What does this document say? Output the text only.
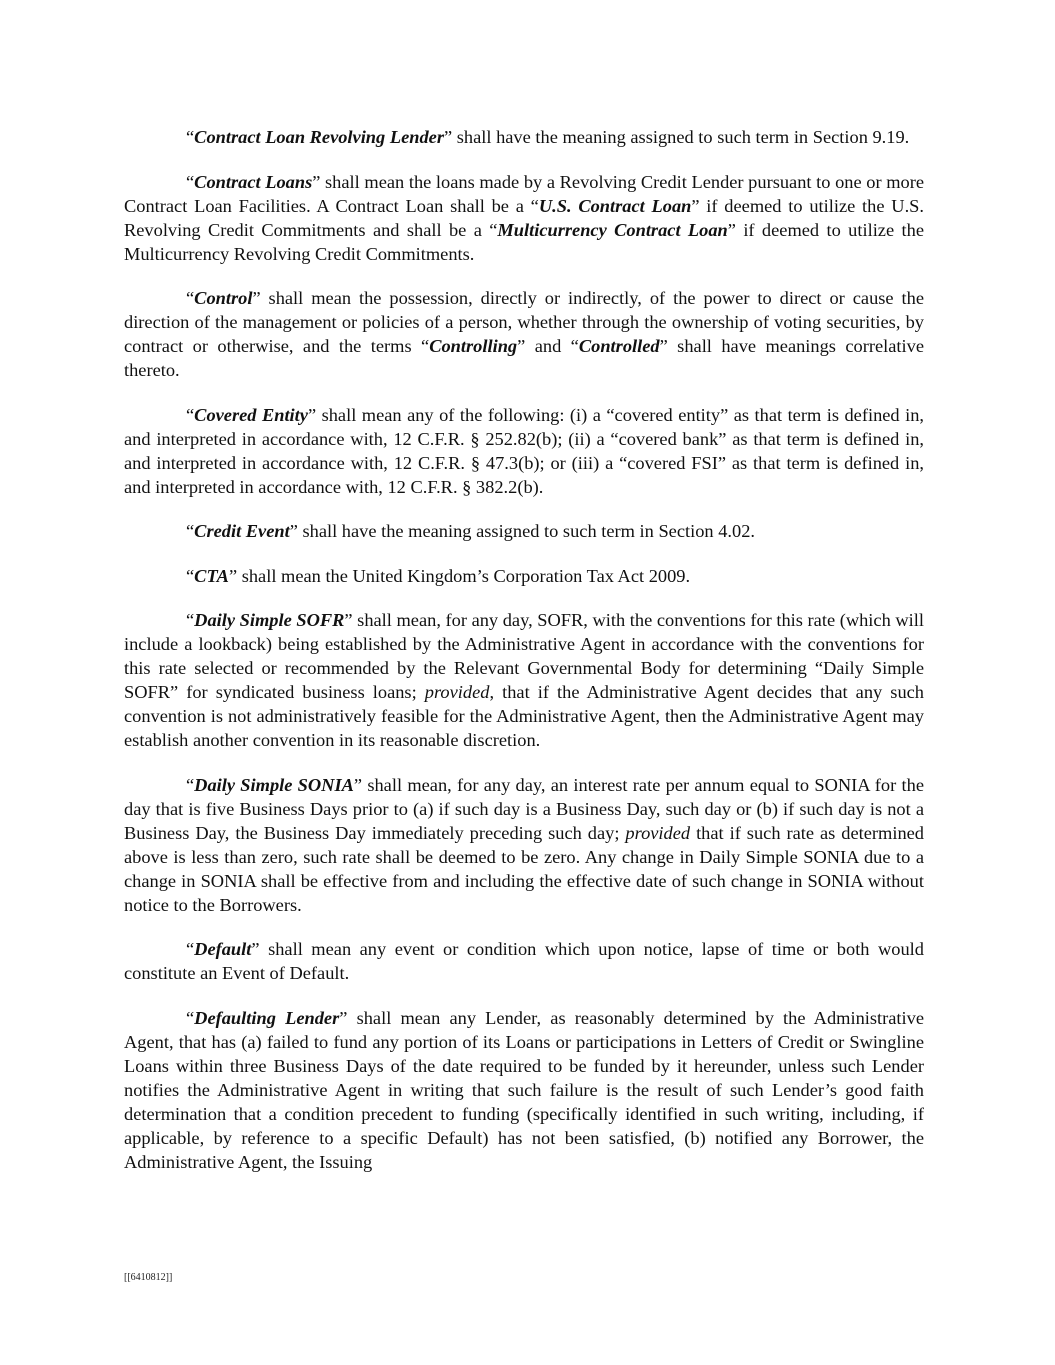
“Contract Loan Revolving Lender” shall have the meaning assigned to such term in Section 9.19.

“Contract Loans” shall mean the loans made by a Revolving Credit Lender pursuant to one or more Contract Loan Facilities. A Contract Loan shall be a “U.S. Contract Loan” if deemed to utilize the U.S. Revolving Credit Commitments and shall be a “Multicurrency Contract Loan” if deemed to utilize the Multicurrency Revolving Credit Commitments.

“Control” shall mean the possession, directly or indirectly, of the power to direct or cause the direction of the management or policies of a person, whether through the ownership of voting securities, by contract or otherwise, and the terms “Controlling” and “Controlled” shall have meanings correlative thereto.

“Covered Entity” shall mean any of the following: (i) a “covered entity” as that term is defined in, and interpreted in accordance with, 12 C.F.R. § 252.82(b); (ii) a “covered bank” as that term is defined in, and interpreted in accordance with, 12 C.F.R. § 47.3(b); or (iii) a “covered FSI” as that term is defined in, and interpreted in accordance with, 12 C.F.R. § 382.2(b).

“Credit Event” shall have the meaning assigned to such term in Section 4.02.

“CTA” shall mean the United Kingdom’s Corporation Tax Act 2009.

“Daily Simple SOFR” shall mean, for any day, SOFR, with the conventions for this rate (which will include a lookback) being established by the Administrative Agent in accordance with the conventions for this rate selected or recommended by the Relevant Governmental Body for determining “Daily Simple SOFR” for syndicated business loans; provided, that if the Administrative Agent decides that any such convention is not administratively feasible for the Administrative Agent, then the Administrative Agent may establish another convention in its reasonable discretion.

“Daily Simple SONIA” shall mean, for any day, an interest rate per annum equal to SONIA for the day that is five Business Days prior to (a) if such day is a Business Day, such day or (b) if such day is not a Business Day, the Business Day immediately preceding such day; provided that if such rate as determined above is less than zero, such rate shall be deemed to be zero. Any change in Daily Simple SONIA due to a change in SONIA shall be effective from and including the effective date of such change in SONIA without notice to the Borrowers.

“Default” shall mean any event or condition which upon notice, lapse of time or both would constitute an Event of Default.

“Defaulting Lender” shall mean any Lender, as reasonably determined by the Administrative Agent, that has (a) failed to fund any portion of its Loans or participations in Letters of Credit or Swingline Loans within three Business Days of the date required to be funded by it hereunder, unless such Lender notifies the Administrative Agent in writing that such failure is the result of such Lender’s good faith determination that a condition precedent to funding (specifically identified in such writing, including, if applicable, by reference to a specific Default) has not been satisfied, (b) notified any Borrower, the Administrative Agent, the Issuing

[[6410812]]
